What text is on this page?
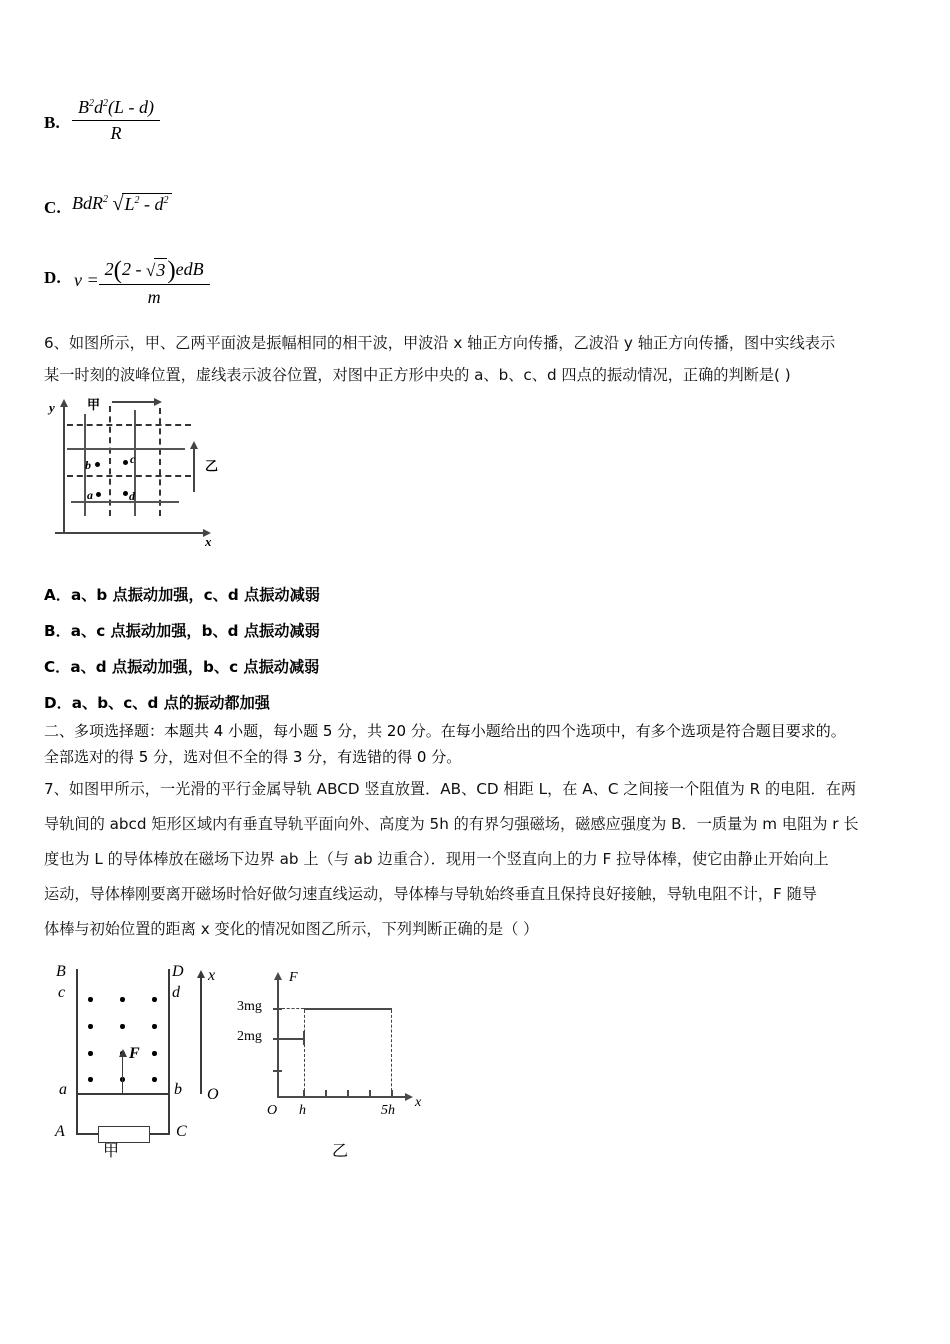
B. $\frac{B^2d^2(L - d)}{R}$
C. BdR$^2$ $√L^2 - d^2$
D. $v = \frac{\text{2(2 - √3)edB}}{m}$
6、如图所示，甲、乙两平面波是振幅相同的相干波，甲波沿 x 轴正方向传播，乙波沿 y 轴正方向传播，图中实线表示
某一时刻的波峰位置，虚线表示波谷位置，对图中正方形中央的 a、b、c、d 四点的振动情况，正确的判断是( )
y
x
a
b	c
d
甲
乙
A．a、b 点振动加强，c、d 点振动减弱
B．a、c 点振动加强，b、d 点振动减弱
C．a、d 点振动加强，b、c 点振动减弱
D．a、b、c、d 点的振动都加强
二、多项选择题：本题共 4 小题，每小题 5 分，共 20 分。在每小题给出的四个选项中，有多个选项是符合题目要求的。
全部选对的得 5 分，选对但不全的得 3 分，有选错的得 0 分。
7、如图甲所示，一光滑的平行金属导轨 ABCD 竖直放置．AB、CD 相距 L，在 A、C 之间接一个阻值为 R 的电阻．在两
导轨间的 abcd 矩形区域内有垂直导轨平面向外、高度为 5h 的有界匀强磁场，磁感应强度为 B．一质量为 m 电阻为 r 长
度也为 L 的导体棒放在磁场下边界 ab 上（与 ab 边重合）．现用一个竖直向上的力 F 拉导体棒，使它由静止开始向上
运动，导体棒刚要离开磁场时恰好做匀速直线运动，导体棒与导轨始终垂直且保持良好接触，导轨电阻不计，F 随导
体棒与初始位置的距离 x 变化的情况如图乙所示，下列判断正确的是（ ）
F
x
O
B
c
D
d
a	b
A	C
甲
F
x
3mg
2mg
O h	5h
乙
